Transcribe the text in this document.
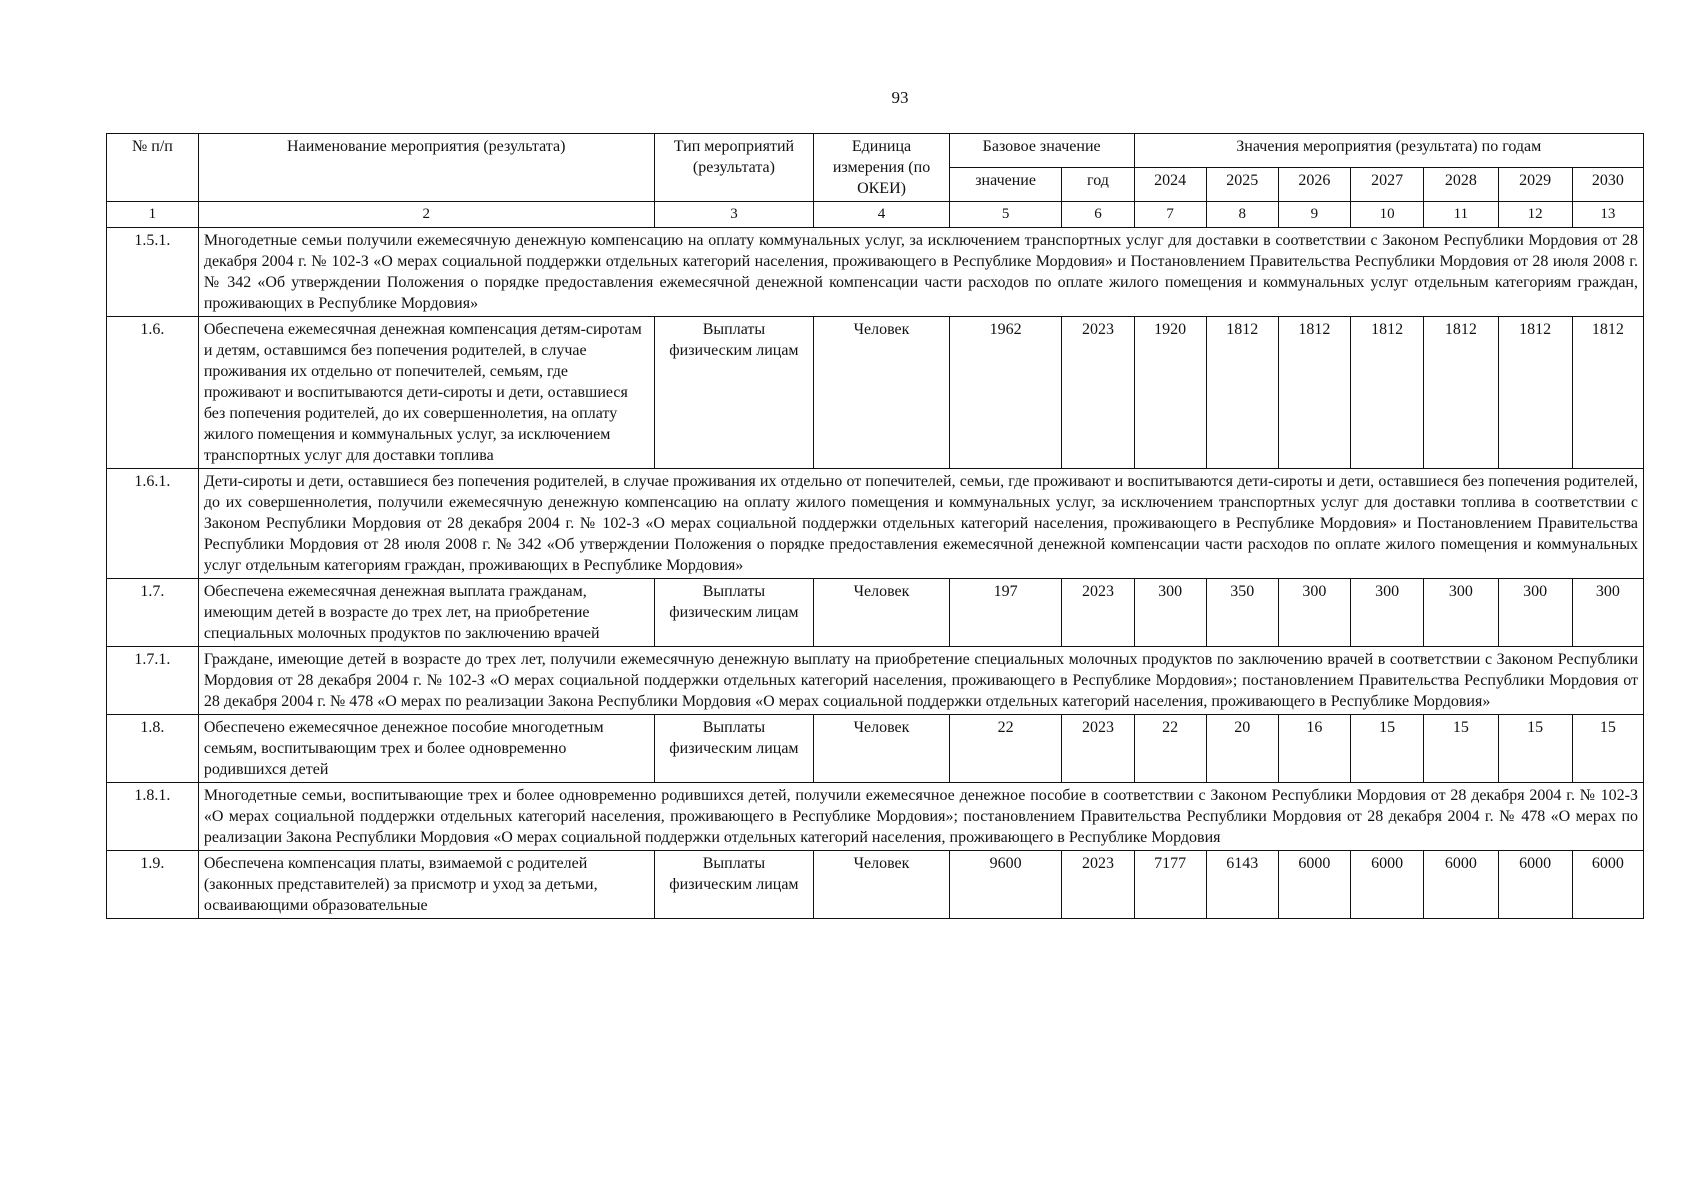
93
№ п/п	Наименование мероприятия (результата)	Тип мероприятий (результата)	Единица измерения (по ОКЕИ)	Базовое значение		Значения мероприятия (результата) по годам						
				значение	год	2024	2025	2026	2027	2028	2029	2030
1	2	3	4	5	6	7	8	9	10	11	12	13
1.5.1.	Многодетные семьи получили ежемесячную денежную компенсацию на оплату коммунальных услуг, за исключением транспортных услуг для доставки в соответствии с Законом Республики Мордовия от 28 декабря 2004 г. № 102-З «О мерах социальной поддержки отдельных категорий населения, проживающего в Республике Мордовия» и Постановлением Правительства Республики Мордовия от 28 июля 2008 г. № 342 «Об утверждении Положения о порядке предоставления ежемесячной денежной компенсации части расходов по оплате жилого помещения и коммунальных услуг отдельным категориям граждан, проживающих в Республике Мордовия»											
1.6.	Обеспечена ежемесячная денежная компенсация детям-сиротам и детям, оставшимся без попечения родителей, в случае проживания их отдельно от попечителей, семьям, где проживают и воспитываются дети-сироты и дети, оставшиеся без попечения родителей, до их совершеннолетия, на оплату жилого помещения и коммунальных услуг, за исключением транспортных услуг для доставки топлива	Выплаты физическим лицам	Человек	1962	2023	1920	1812	1812	1812	1812	1812	1812
1.6.1.	Дети-сироты и дети, оставшиеся без попечения родителей, в случае проживания их отдельно от попечителей, семьи, где проживают и воспитываются дети-сироты и дети, оставшиеся без попечения родителей, до их совершеннолетия, получили ежемесячную денежную компенсацию на оплату жилого помещения и коммунальных услуг, за исключением транспортных услуг для доставки топлива в соответствии с Законом Республики Мордовия от 28 декабря 2004 г. № 102-З «О мерах социальной поддержки отдельных категорий населения, проживающего в Республике Мордовия» и Постановлением Правительства Республики Мордовия от 28 июля 2008 г. № 342 «Об утверждении Положения о порядке предоставления ежемесячной денежной компенсации части расходов по оплате жилого помещения и коммунальных услуг отдельным категориям граждан, проживающих в Республике Мордовия»											
1.7.	Обеспечена ежемесячная денежная выплата гражданам, имеющим детей в возрасте до трех лет, на приобретение специальных молочных продуктов по заключению врачей	Выплаты физическим лицам	Человек	197	2023	300	350	300	300	300	300	300
1.7.1.	Граждане, имеющие детей в возрасте до трех лет, получили ежемесячную денежную выплату на приобретение специальных молочных продуктов по заключению врачей в соответствии с Законом Республики Мордовия от 28 декабря 2004 г. № 102-З «О мерах социальной поддержки отдельных категорий населения, проживающего в Республике Мордовия»; постановлением Правительства Республики Мордовия от 28 декабря 2004 г. № 478 «О мерах по реализации Закона Республики Мордовия «О мерах социальной поддержки отдельных категорий населения, проживающего в Республике Мордовия»											
1.8.	Обеспечено ежемесячное денежное пособие многодетным семьям, воспитывающим трех и более одновременно родившихся детей	Выплаты физическим лицам	Человек	22	2023	22	20	16	15	15	15	15
1.8.1.	Многодетные семьи, воспитывающие трех и более одновременно родившихся детей, получили ежемесячное денежное пособие в соответствии с Законом Республики Мордовия от 28 декабря 2004 г. № 102-З «О мерах социальной поддержки отдельных категорий населения, проживающего в Республике Мордовия»; постановлением Правительства Республики Мордовия от 28 декабря 2004 г. № 478 «О мерах по реализации Закона Республики Мордовия «О мерах социальной поддержки отдельных категорий населения, проживающего в Республике Мордовия											
1.9.	Обеспечена компенсация платы, взимаемой с родителей (законных представителей) за присмотр и уход за детьми, осваивающими образовательные	Выплаты физическим лицам	Человек	9600	2023	7177	6143	6000	6000	6000	6000	6000
